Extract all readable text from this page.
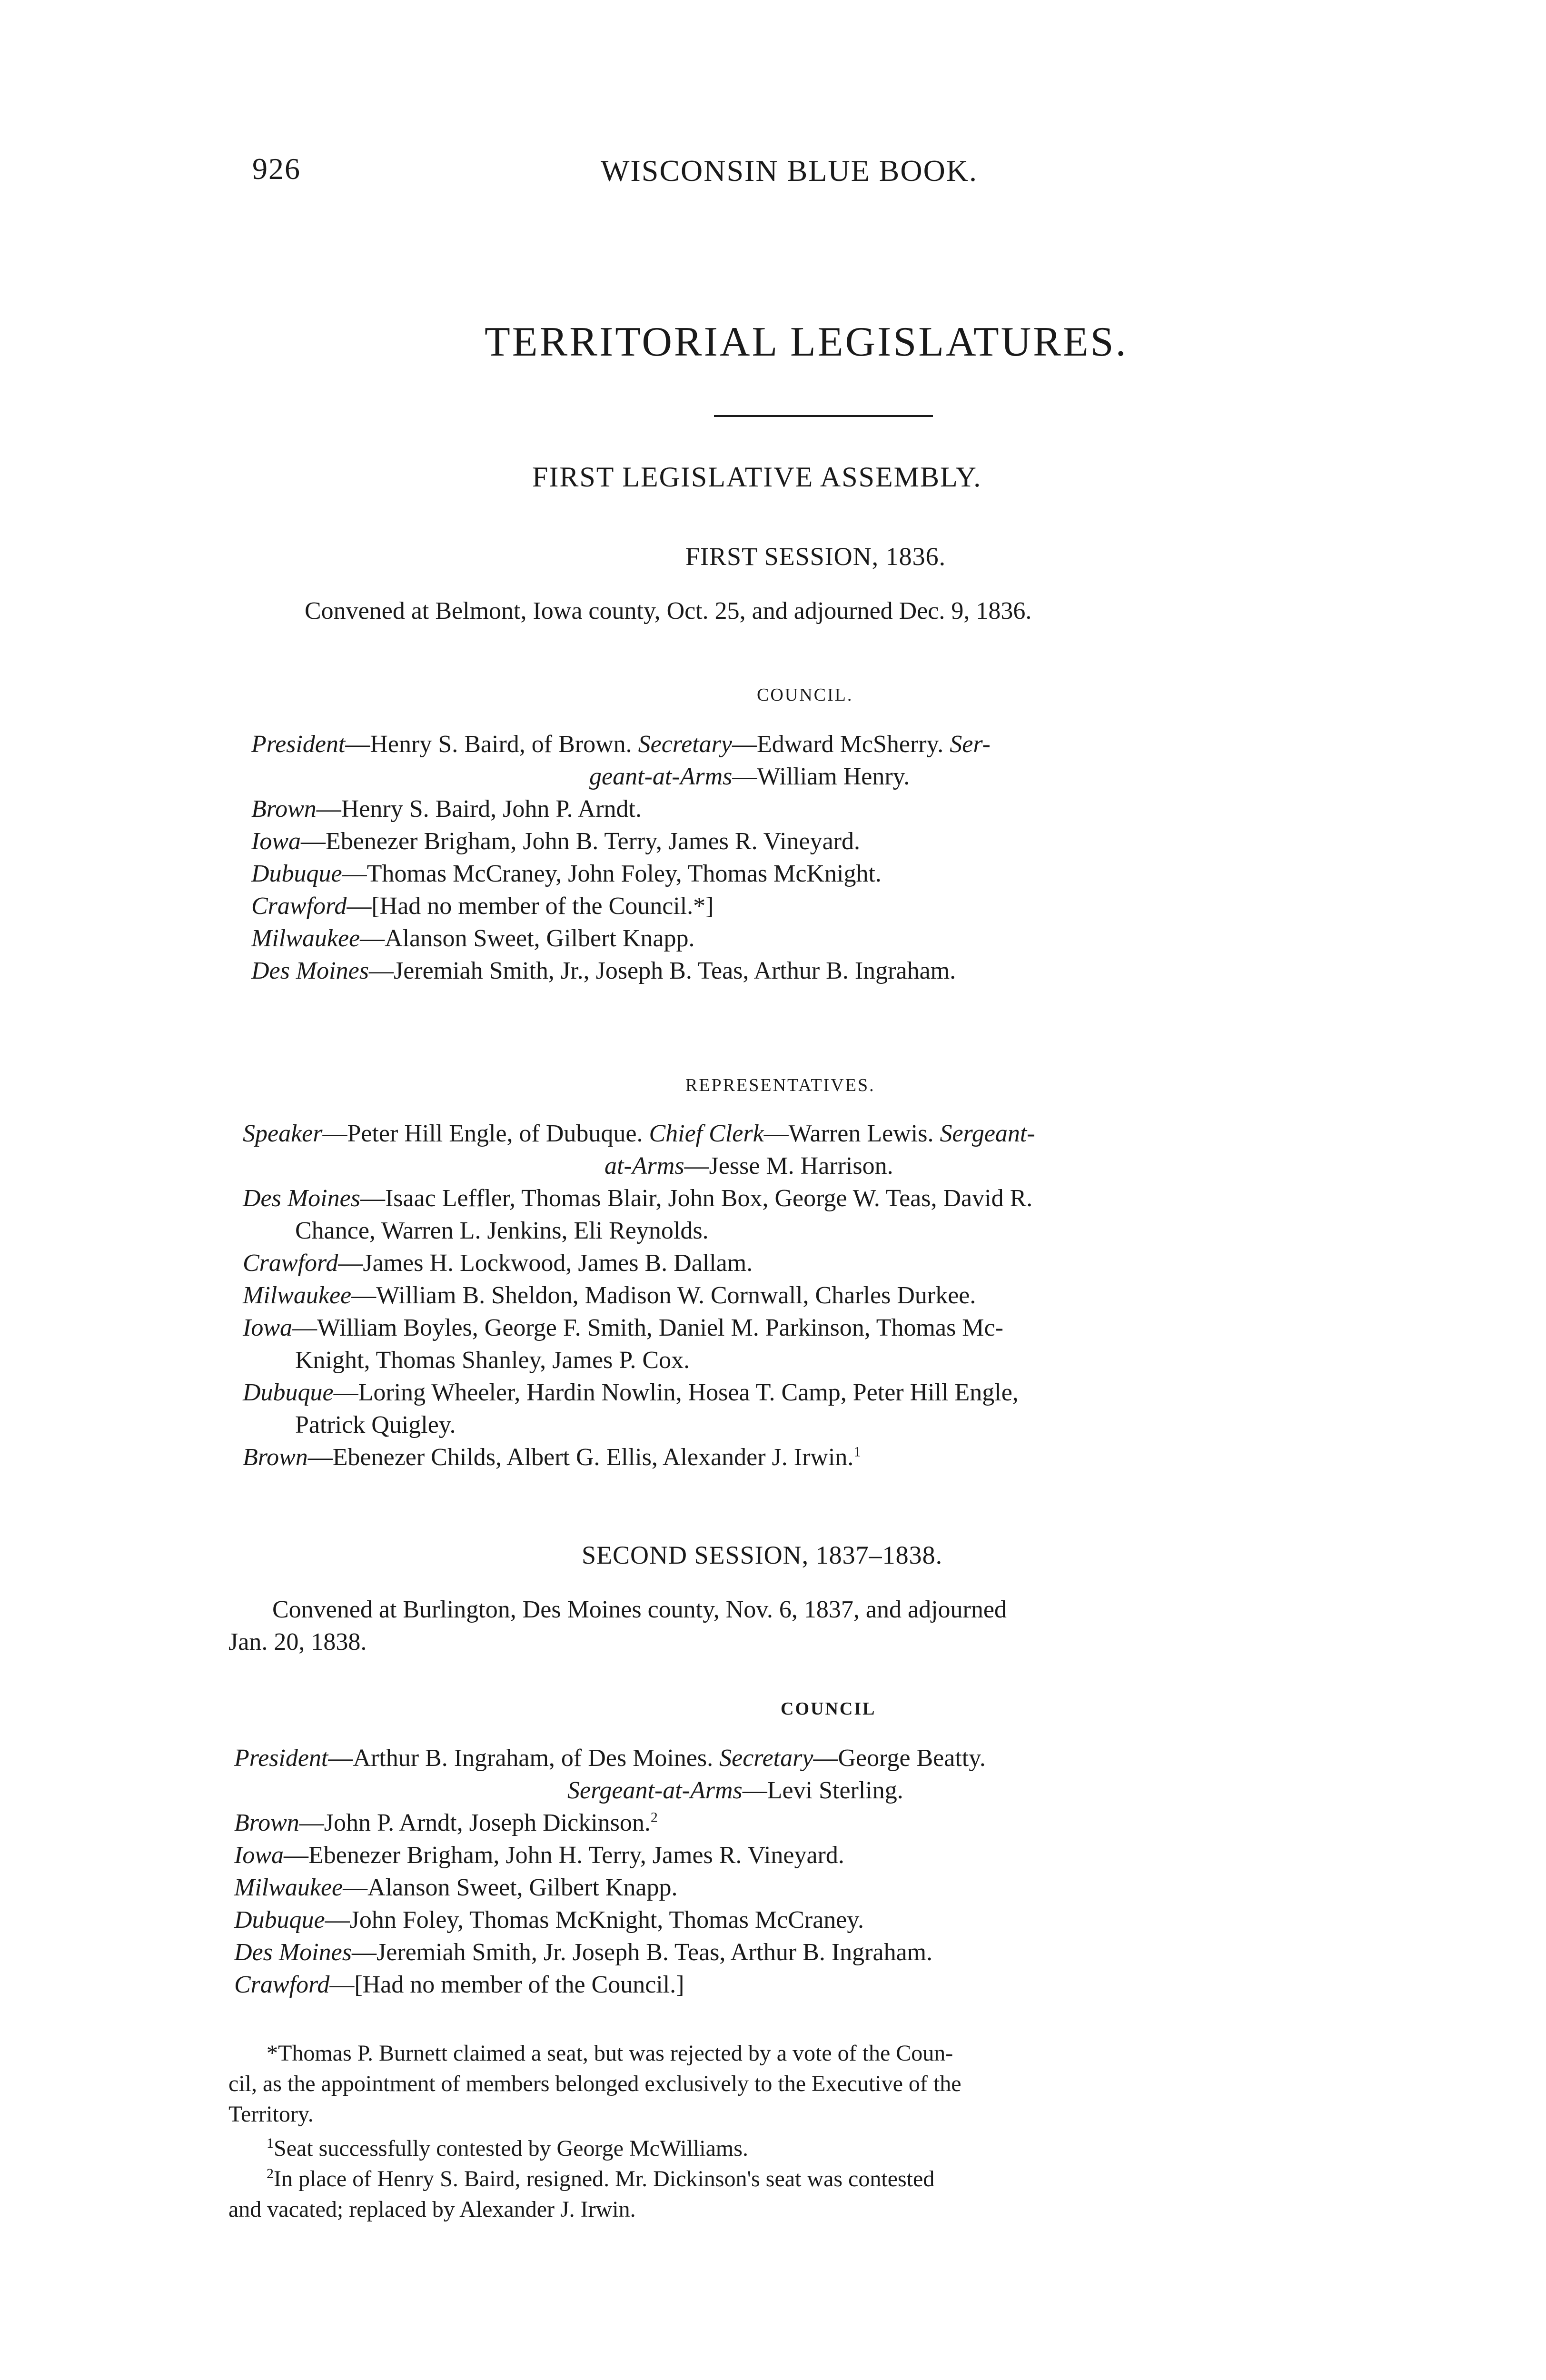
926	WISCONSIN BLUE BOOK.
TERRITORIAL LEGISLATURES.
FIRST LEGISLATIVE ASSEMBLY.
FIRST SESSION, 1836.
Convened at Belmont, Iowa county, Oct. 25, and adjourned Dec. 9, 1836.
COUNCIL.
President—Henry S. Baird, of Brown. Secretary—Edward McSherry. Ser-
geant-at-Arms—William Henry.
Brown—Henry S. Baird, John P. Arndt.
Iowa—Ebenezer Brigham, John B. Terry, James R. Vineyard.
Dubuque—Thomas McCraney, John Foley, Thomas McKnight.
Crawford—[Had no member of the Council.*]
Milwaukee—Alanson Sweet, Gilbert Knapp.
Des Moines—Jeremiah Smith, Jr., Joseph B. Teas, Arthur B. Ingraham.
REPRESENTATIVES.
Speaker—Peter Hill Engle, of Dubuque. Chief Clerk—Warren Lewis. Sergeant-
at-Arms—Jesse M. Harrison.
Des Moines—Isaac Leffler, Thomas Blair, John Box, George W. Teas, David R.
Chance, Warren L. Jenkins, Eli Reynolds.
Crawford—James H. Lockwood, James B. Dallam.
Milwaukee—William B. Sheldon, Madison W. Cornwall, Charles Durkee.
Iowa—William Boyles, George F. Smith, Daniel M. Parkinson, Thomas Mc-
Knight, Thomas Shanley, James P. Cox.
Dubuque—Loring Wheeler, Hardin Nowlin, Hosea T. Camp, Peter Hill Engle,
Patrick Quigley.
Brown—Ebenezer Childs, Albert G. Ellis, Alexander J. Irwin.$^1$
SECOND SESSION, 1837–1838.
Convened at Burlington, Des Moines county, Nov. 6, 1837, and adjourned
Jan. 20, 1838.
COUNCIL
President—Arthur B. Ingraham, of Des Moines. Secretary—George Beatty.
Sergeant-at-Arms—Levi Sterling.
Brown—John P. Arndt, Joseph Dickinson.$^2$
Iowa—Ebenezer Brigham, John H. Terry, James R. Vineyard.
Milwaukee—Alanson Sweet, Gilbert Knapp.
Dubuque—John Foley, Thomas McKnight, Thomas McCraney.
Des Moines—Jeremiah Smith, Jr. Joseph B. Teas, Arthur B. Ingraham.
Crawford—[Had no member of the Council.]
*Thomas P. Burnett claimed a seat, but was rejected by a vote of the Coun-
cil, as the appointment of members belonged exclusively to the Executive of the
Territory.
$^1$Seat successfully contested by George McWilliams.
$^2$In place of Henry S. Baird, resigned. Mr. Dickinson's seat was contested
and vacated; replaced by Alexander J. Irwin.
